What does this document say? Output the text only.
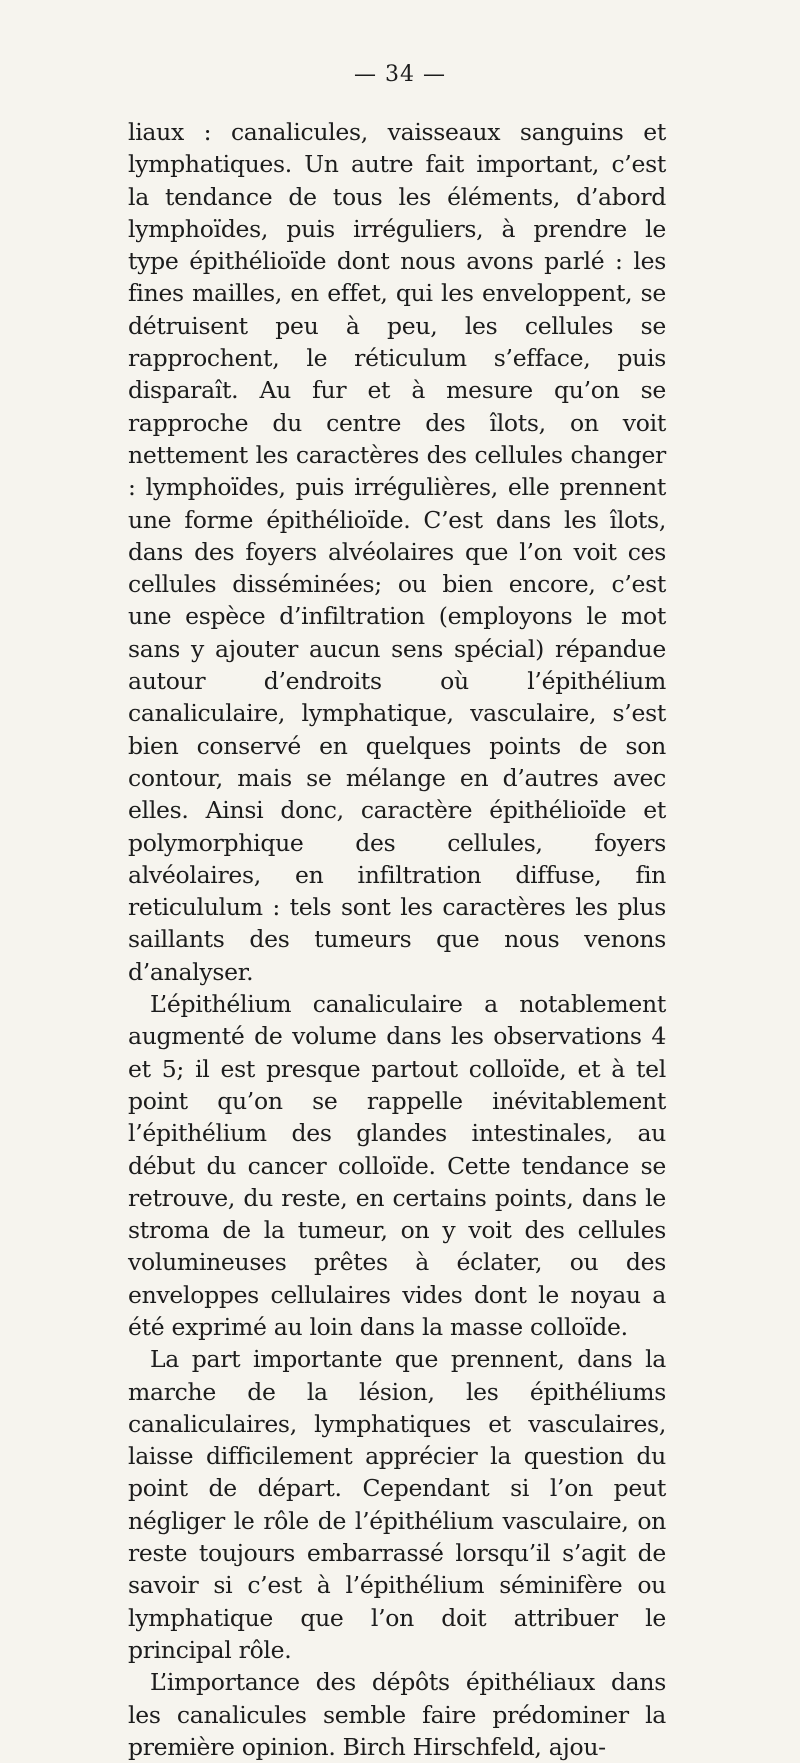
— 34 —

liaux : canalicules, vaisseaux sanguins et lymphatiques. Un autre fait important, c’est la tendance de tous les éléments, d’abord lymphoïdes, puis irréguliers, à prendre le type épithélioïde dont nous avons parlé : les fines mailles, en effet, qui les enveloppent, se détruisent peu à peu, les cellules se rapprochent, le réticulum s’efface, puis disparaît. Au fur et à mesure qu’on se rapproche du centre des îlots, on voit nettement les caractères des cellules changer : lymphoïdes, puis irrégulières, elle prennent une forme épithélioïde. C’est dans les îlots, dans des foyers alvéolaires que l’on voit ces cellules disséminées; ou bien encore, c’est une espèce d’infiltration (employons le mot sans y ajouter aucun sens spécial) répandue autour d’endroits où l’épithélium canaliculaire, lymphatique, vasculaire, s’est bien conservé en quelques points de son contour, mais se mélange en d’autres avec elles. Ainsi donc, caractère épithélioïde et polymorphique des cellules, foyers alvéolaires, en infiltration diffuse, fin reticululum : tels sont les caractères les plus saillants des tumeurs que nous venons d’analyser.

L’épithélium canaliculaire a notablement augmenté de volume dans les observations 4 et 5; il est presque partout colloïde, et à tel point qu’on se rappelle inévitablement l’épithélium des glandes intestinales, au début du cancer colloïde. Cette tendance se retrouve, du reste, en certains points, dans le stroma de la tumeur, on y voit des cellules volumineuses prêtes à éclater, ou des enveloppes cellulaires vides dont le noyau a été exprimé au loin dans la masse colloïde.

La part importante que prennent, dans la marche de la lésion, les épithéliums canaliculaires, lymphatiques et vasculaires, laisse difficilement apprécier la question du point de départ. Cependant si l’on peut négliger le rôle de l’épithélium vasculaire, on reste toujours embarrassé lorsqu’il s’agit de savoir si c’est à l’épithélium séminifère ou lymphatique que l’on doit attribuer le principal rôle.

L’importance des dépôts épithéliaux dans les canalicules semble faire prédominer la première opinion. Birch Hirschfeld, ajou-
